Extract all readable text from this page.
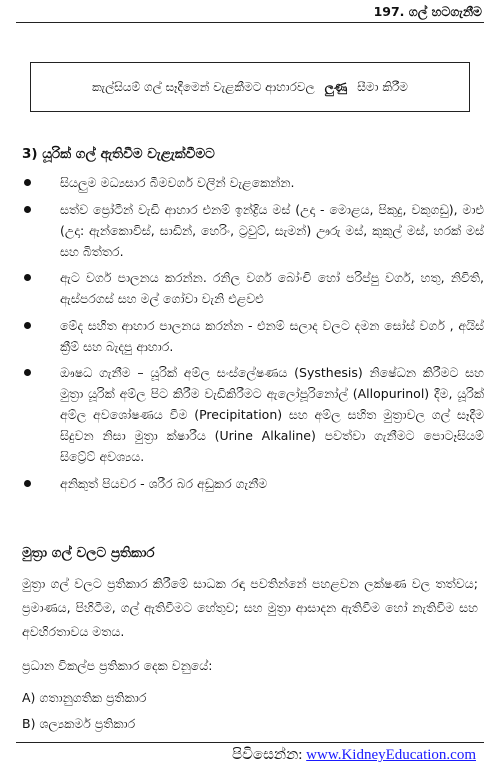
197. ගල් හටගැනීම
කැල්සියම් ගල් සෑදීමෙන් වැළකීමට ආහාරවල ලුණු සීමා කිරීම
3) යූරික් ගල් ඇතිවීම වැළැක්වීමට
සියලුම මධ්‍යසාර බීමවර්ග වලින් වැළකෙන්න.
සත්ව ප්‍රෝටීන් වැඩි ආහාර එනම් ඉන්ද්‍රිය මස් (උදා - මොළය, පිකුදු, වකුගඩු), මාළු (උදා: ඇන්කොවිස්, සාඩින්, හෙරිං, ට්‍රවුට්, සැමන්) ඌරු මස්, කුකුල් මස්, හරක් මස් සහ බිත්තර.
ඇට වර්ග පාලනය කරන්න. රනිල වර්ග බෝංචි හෝ පරිප්පු වර්ග, හතු, නිවිති, ඇස්පරගස් සහ මල් ගෝවා වැනි එළවළු
මේද සහිත ආහාර පාලනය කරන්න - එනම් සලාද වලට දමන සෝස් වර්ග , අයිස් ක්‍රීම් සහ බැදපු ආහාර.
ඖෂධ ගැනීම – යූරික් අම්ල සංස්ලේෂණය (Systhesis) නිෂේධන කිරීමට සහ මුත්‍රා යූරික් අම්ල පිට කිරීම වැඩිකිරීමට ඇලෝපූරිනෝල් (Allopurinol) දීම, යූරික් අම්ල අවශෝෂණය වීම (Precipitation) සහ අම්ල සහිත මුත්‍රාවල ගල් සෑදීම සිදුවන නිසා මුත්‍රා ක්ෂාරීය (Urine Alkaline) පවත්වා ගැනීමට පොටෑසියම් සිට්‍රේට් අවශ්‍යය.
අනිකුත් පියවර - ශරීර බර අඩුකර ගැනීම
මුත්‍රා ගල් වලට ප්‍රතිකාර
මුත්‍රා ගල් වලට ප්‍රතිකාර කිරීමේ සාධක රඳා පවතින්නේ පහළවන ලක්ෂණ වල තත්වය; ප්‍රමාණය, පිහිටීම, ගල් ඇතිවීමට හේතුව; සහ මුත්‍රා ආසාදන ඇතිවීම හෝ නැතිවීම සහ අවහිරතාවය මතය.
ප්‍රධාන විකල්ප ප්‍රතිකාර දෙක වනුයේ:
A) ගතානුගතික ප්‍රතිකාර
B) ශල්‍යකර්ම ප්‍රතිකාර
පිවිසෙන්න: www.KidneyEducation.com
